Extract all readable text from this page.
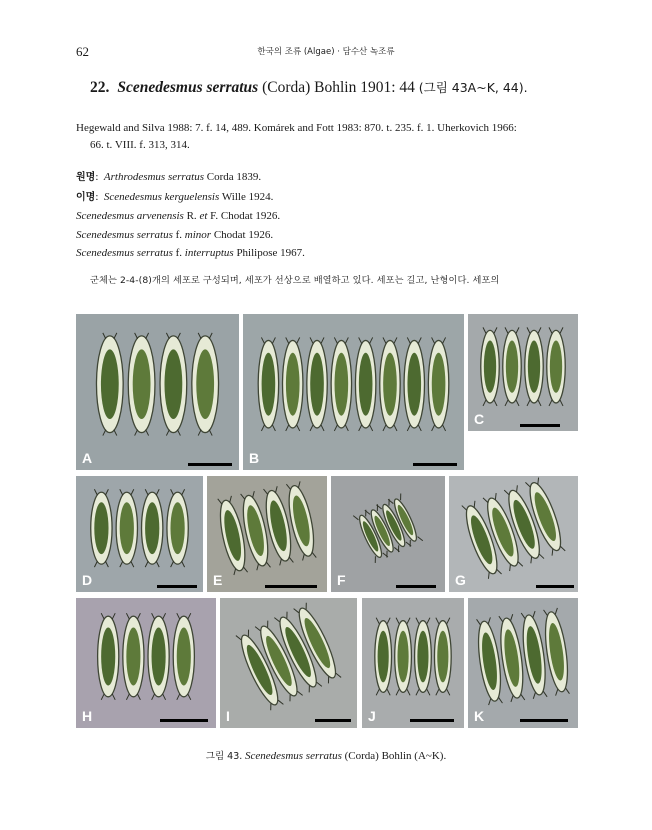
62	한국의 조류 (Algae) · 담수산 녹조류
22. Scenedesmus serratus (Corda) Bohlin 1901: 44 (그림 43A~K, 44).
Hegewald and Silva 1988: 7. f. 14, 489. Komárek and Fott 1983: 870. t. 235. f. 1. Uherkovich 1966:
66. t. VIII. f. 313, 314.
원명:  Arthrodesmus serratus Corda 1839.
이명:  Scenedesmus kerguelensis Wille 1924.
Scenedesmus arvenensis R. et F. Chodat 1926.
Scenedesmus serratus f. minor Chodat 1926.
Scenedesmus serratus f. interruptus Philipose 1967.
군체는 2-4-(8)개의 세포로 구성되며, 세포가 선상으로 배열하고 있다. 세포는 길고, 난형이다. 세포의
A	B
C
D	E	F	G
H	I	J	K
그림 43. Scenedesmus serratus (Corda) Bohlin (A~K).
